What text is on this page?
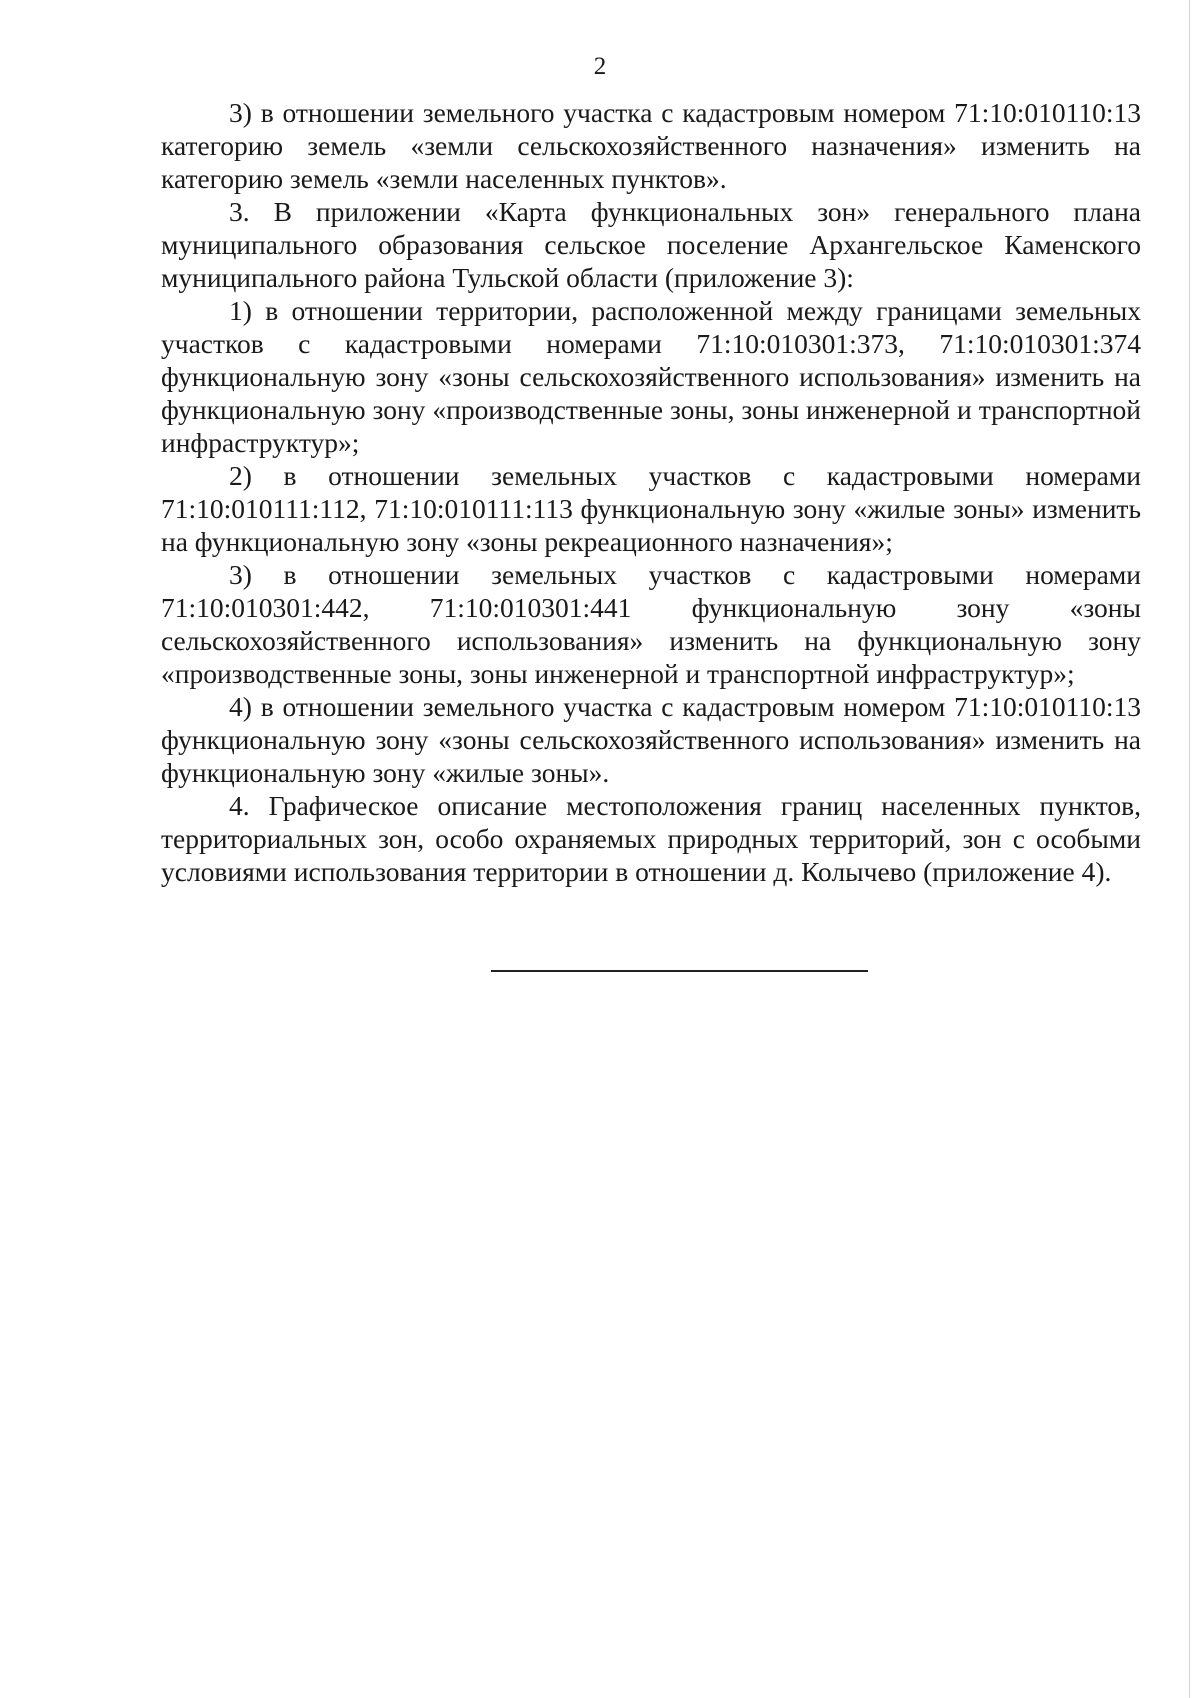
2

3) в отношении земельного участка с кадастровым номером 71:10:010110:13 категорию земель «земли сельскохозяйственного назначения» изменить на категорию земель «земли населенных пунктов».

3. В приложении «Карта функциональных зон» генерального плана муниципального образования сельское поселение Архангельское Каменского муниципального района Тульской области (приложение 3):

1) в отношении территории, расположенной между границами земельных участков с кадастровыми номерами 71:10:010301:373, 71:10:010301:374 функциональную зону «зоны сельскохозяйственного использования» изменить на функциональную зону «производственные зоны, зоны инженерной и транспортной инфраструктур»;

2) в отношении земельных участков с кадастровыми номерами 71:10:010111:112, 71:10:010111:113 функциональную зону «жилые зоны» изменить на функциональную зону «зоны рекреационного назначения»;

3) в отношении земельных участков с кадастровыми номерами 71:10:010301:442, 71:10:010301:441 функциональную зону «зоны сельскохозяйственного использования» изменить на функциональную зону «производственные зоны, зоны инженерной и транспортной инфраструктур»;

4) в отношении земельного участка с кадастровым номером 71:10:010110:13 функциональную зону «зоны сельскохозяйственного использования» изменить на функциональную зону «жилые зоны».

4. Графическое описание местоположения границ населенных пунктов, территориальных зон, особо охраняемых природных территорий, зон с особыми условиями использования территории в отношении д. Колычево (приложение 4).
